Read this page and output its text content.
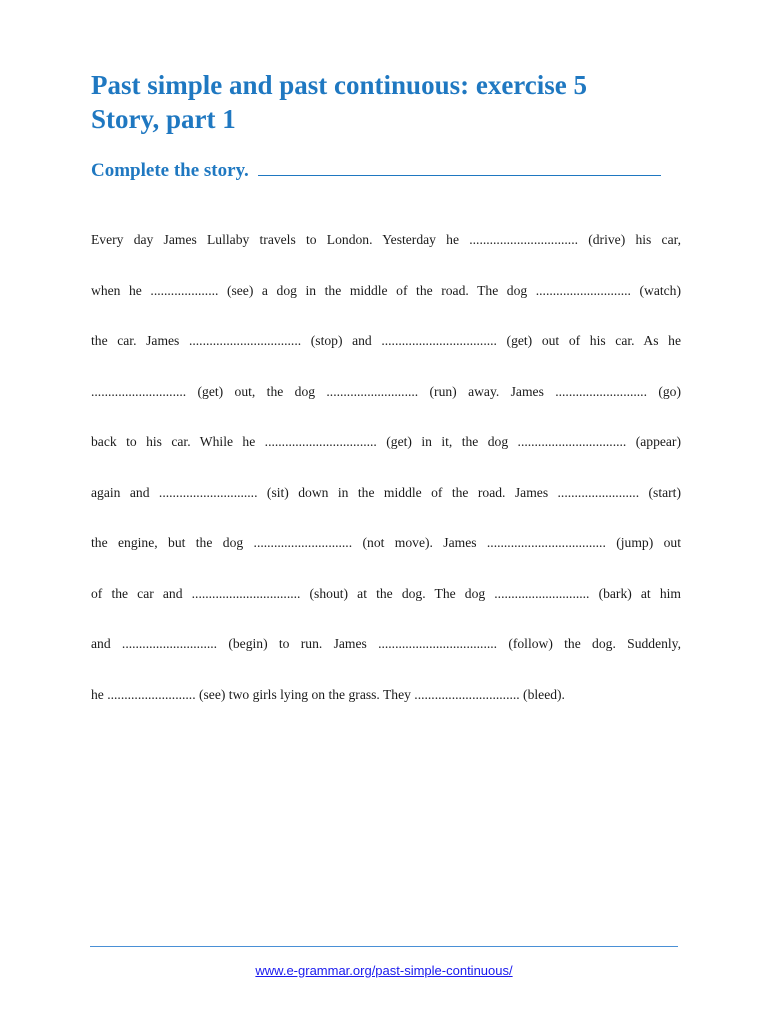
Past simple and past continuous: exercise 5
Story, part 1
Complete the story.
Every day James Lullaby travels to London. Yesterday he ................................ (drive) his car,
when he .................... (see) a dog in the middle of the road. The dog ............................ (watch)
the car. James ................................. (stop) and .................................. (get) out of his car. As he
............................ (get) out, the dog ........................... (run) away. James ........................... (go)
back to his car. While he ................................. (get) in it, the dog ................................ (appear)
again and ............................. (sit) down in the middle of the road. James ........................ (start)
the engine, but the dog ............................. (not move). James ................................... (jump) out
of the car and ................................ (shout) at the dog. The dog ............................ (bark) at him
and ............................ (begin) to run. James ................................... (follow) the dog. Suddenly,
he .......................... (see) two girls lying on the grass. They ............................... (bleed).
www.e-grammar.org/past-simple-continuous/
